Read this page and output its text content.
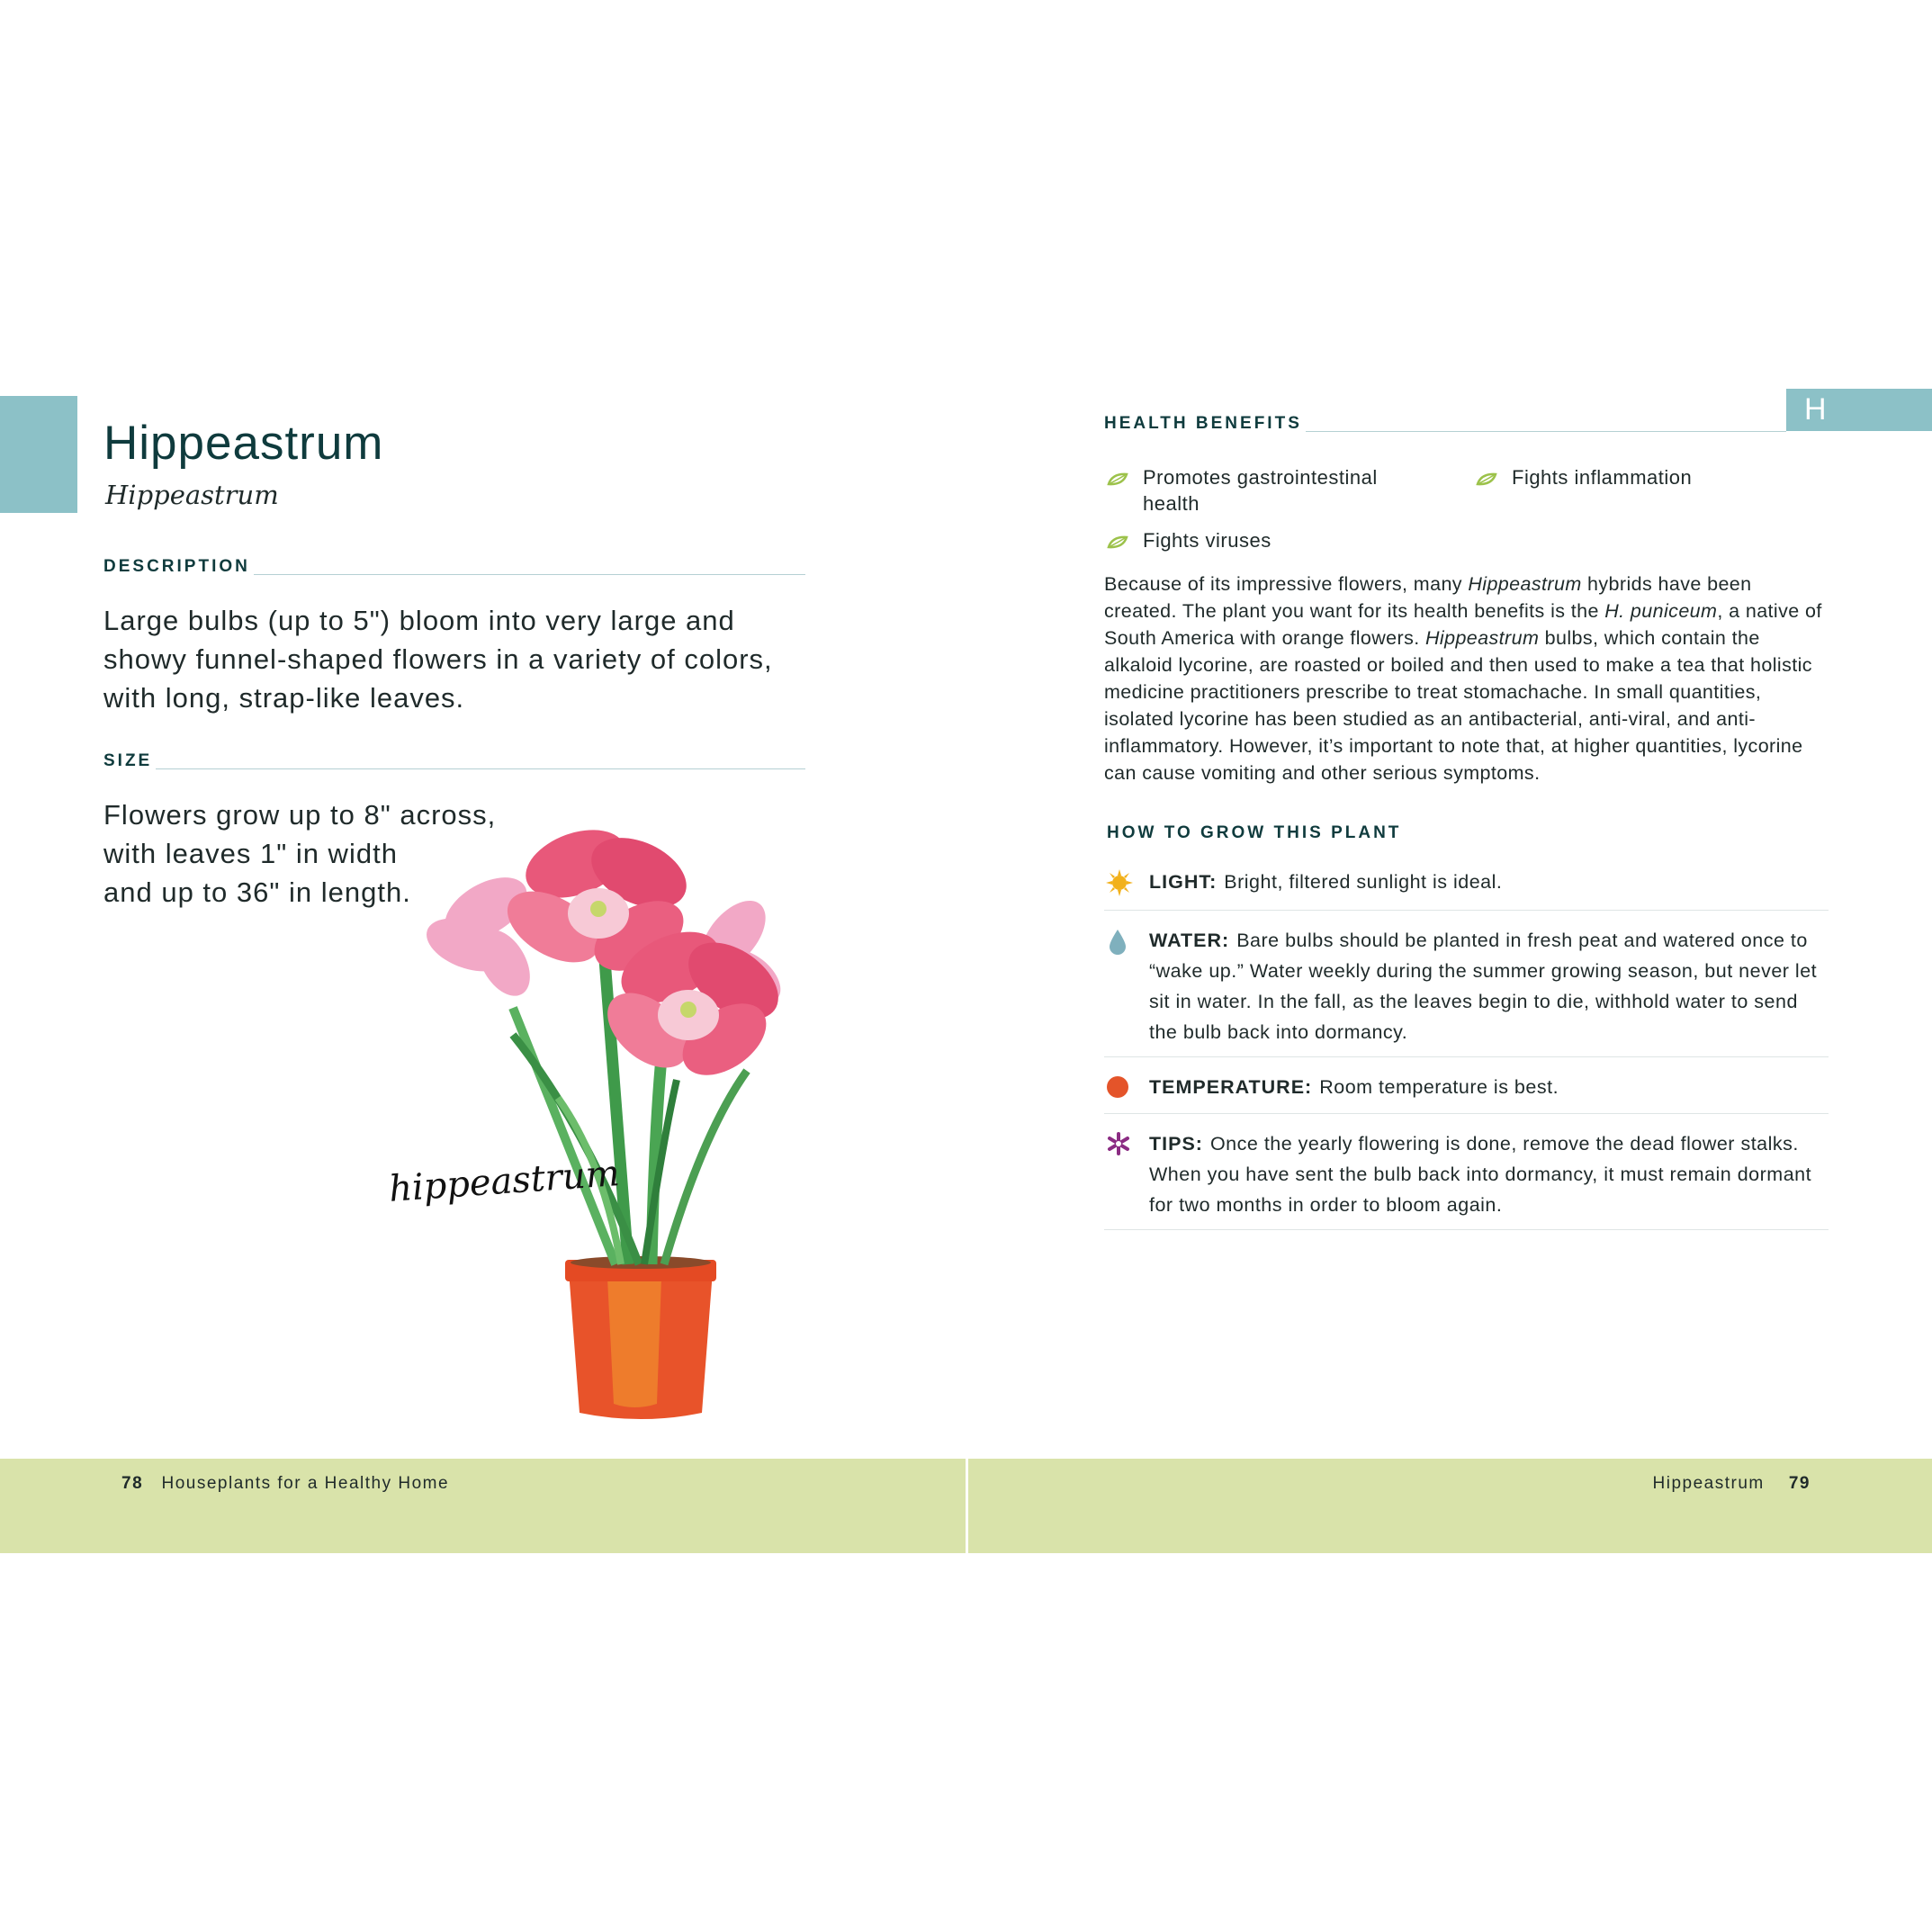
H
Hippeastrum
Hippeastrum
DESCRIPTION
Large bulbs (up to 5") bloom into very large and showy funnel-shaped flowers in a variety of colors, with long, strap-like leaves.
SIZE
Flowers grow up to 8" across,
with leaves 1" in width
and up to 36" in length.
hippeastrum
HEALTH BENEFITS
Promotes gastrointestinal health
Fights inflammation
Fights viruses
Because of its impressive flowers, many Hippeastrum hybrids have been created. The plant you want for its health benefits is the H. puniceum, a native of South America with orange flowers. Hippeastrum bulbs, which contain the alkaloid lycorine, are roasted or boiled and then used to make a tea that holistic medicine practitioners prescribe to treat stomachache. In small quantities, isolated lycorine has been studied as an antibacterial, anti-viral, and anti-inflammatory. However, it’s important to note that, at higher quantities, lycorine can cause vomiting and other serious symptoms.
HOW TO GROW THIS PLANT
LIGHT: Bright, filtered sunlight is ideal.
WATER: Bare bulbs should be planted in fresh peat and watered once to “wake up.” Water weekly during the summer growing season, but never let sit in water. In the fall, as the leaves begin to die, withhold water to send the bulb back into dormancy.
TEMPERATURE: Room temperature is best.
TIPS: Once the yearly flowering is done, remove the dead flower stalks. When you have sent the bulb back into dormancy, it must remain dormant for two months in order to bloom again.
78 Houseplants for a Healthy Home	Hippeastrum 79
